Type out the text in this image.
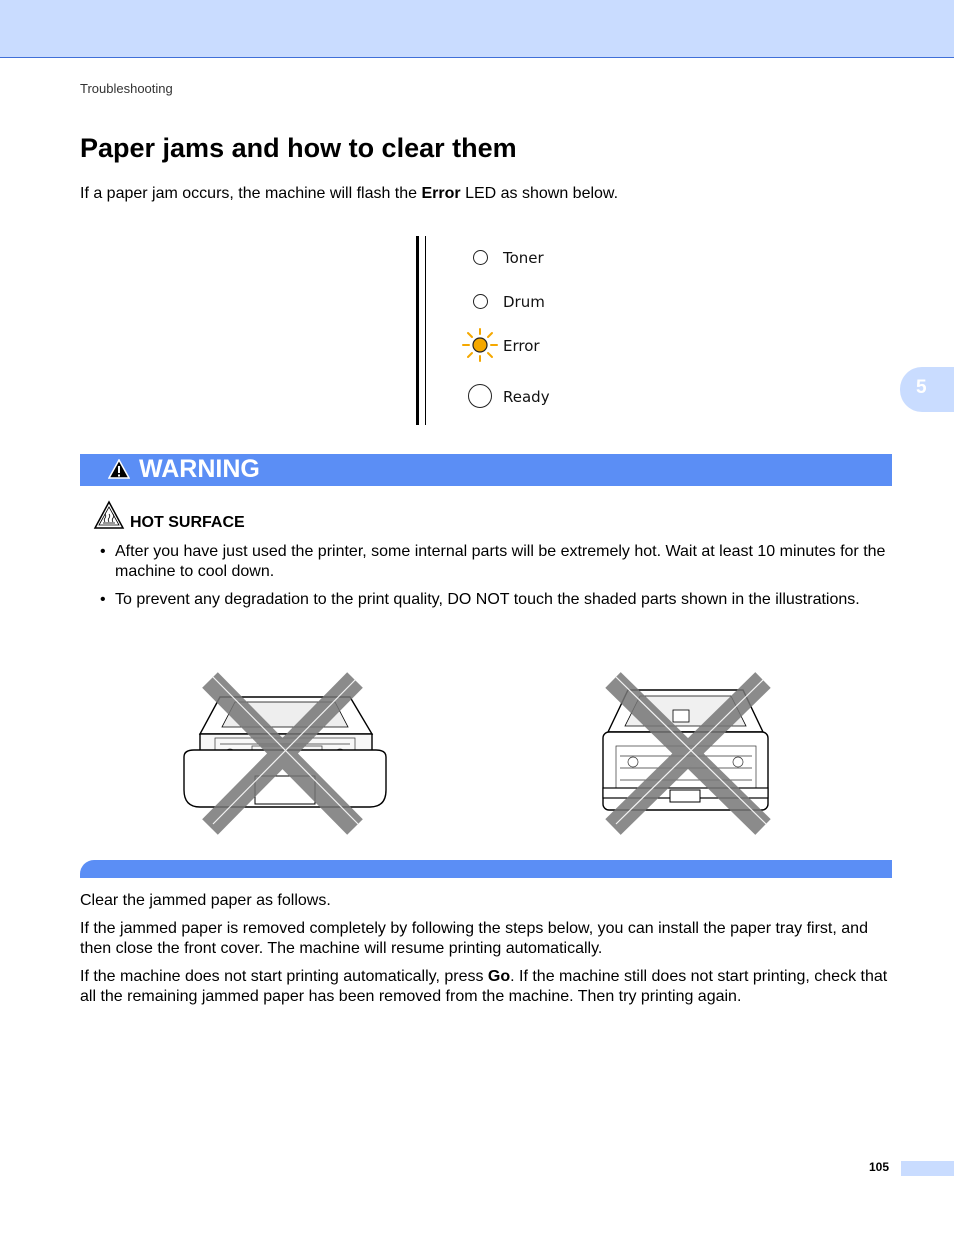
Troubleshooting
Paper jams and how to clear them

If a paper jam occurs, the machine will flash the Error LED as shown below.

Toner
Drum
Error
Ready	5
WARNING
HOT SURFACE
• After you have just used the printer, some internal parts will be extremely hot. Wait at least 10 minutes for the machine to cool down.
• To prevent any degradation to the print quality, DO NOT touch the shaded parts shown in the illustrations.

Clear the jammed paper as follows.

If the jammed paper is removed completely by following the steps below, you can install the paper tray first, and then close the front cover. The machine will resume printing automatically.

If the machine does not start printing automatically, press Go. If the machine still does not start printing, check that all the remaining jammed paper has been removed from the machine. Then try printing again.

105
